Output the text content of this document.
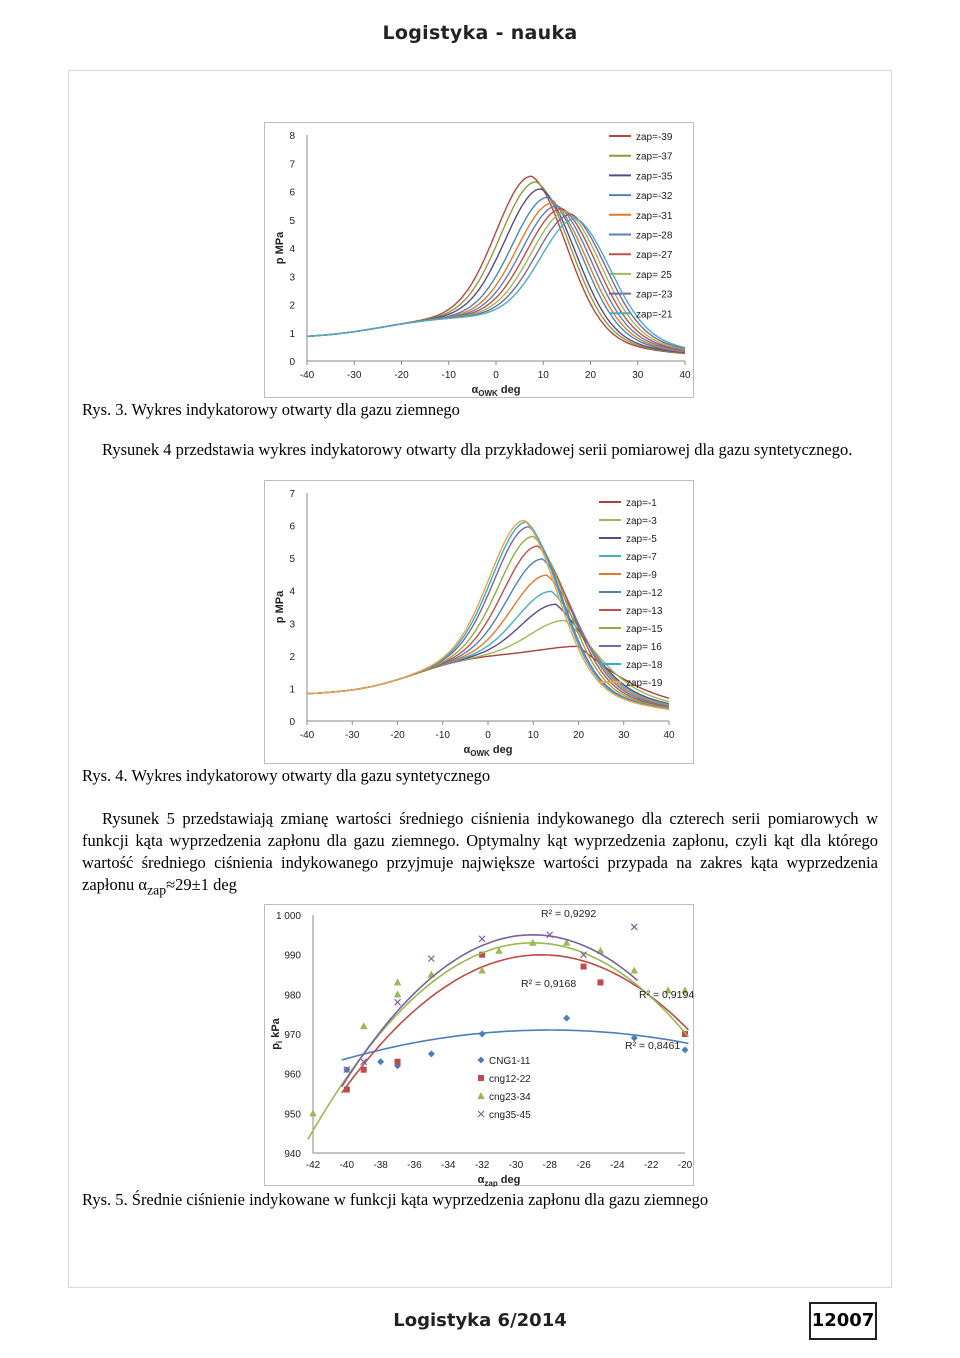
Logistyka - nauka
-40	-30	-20	-10	0	10	20	30	40
0
1
2
3
4
5
6
7
8
$\alpha_{OWK}$ deg
p MPa
zap=-39
zap=-37
zap=-35
zap=-32
zap=-31
zap=-28
zap=-27
zap= 25
zap=-23
zap=-21
Rys. 3. Wykres indykatorowy otwarty dla gazu ziemnego

Rysunek 4 przedstawia wykres indykatorowy otwarty dla przykładowej serii pomiarowej dla gazu syntetycznego.

-40	-30	-20	-10	0	10	20	30	40
0
1
2
3
4
5
6
7
$\alpha_{OWK}$ deg
p MPa
zap=-1
zap=-3
zap=-5
zap=-7
zap=-9
zap=-12
zap=-13
zap=-15
zap= 16
zap=-18
zap=-19
Rys. 4. Wykres indykatorowy otwarty dla gazu syntetycznego

Rysunek 5 przedstawiają zmianę wartości średniego ciśnienia indykowanego dla czterech serii pomiarowych w funkcji kąta wyprzedzenia zapłonu dla gazu ziemnego. Optymalny kąt wyprzedzenia zapłonu, czyli kąt dla którego wartość średniego ciśnienia indykowanego przyjmuje największe wartości przypada na zakres kąta wyprzedzenia zapłonu $\alpha_{zap}\approx 29\pm 1$ deg

-42 -40 -38 -36 -34 -32 -30 -28 -26 -24 -22 -20
940
950
960
970
980
990
1 000
$\alpha_{zap}$ deg
$p_i$ kPa
R² = 0,8461
CNG1-11
R² = 0,9168
cng12-22
R² = 0,9194
cng23-34
R² = 0,9292
cng35-45
Rys. 5. Średnie ciśnienie indykowane w funkcji kąta wyprzedzenia zapłonu dla gazu ziemnego
Logistyka 6/2014	12007
